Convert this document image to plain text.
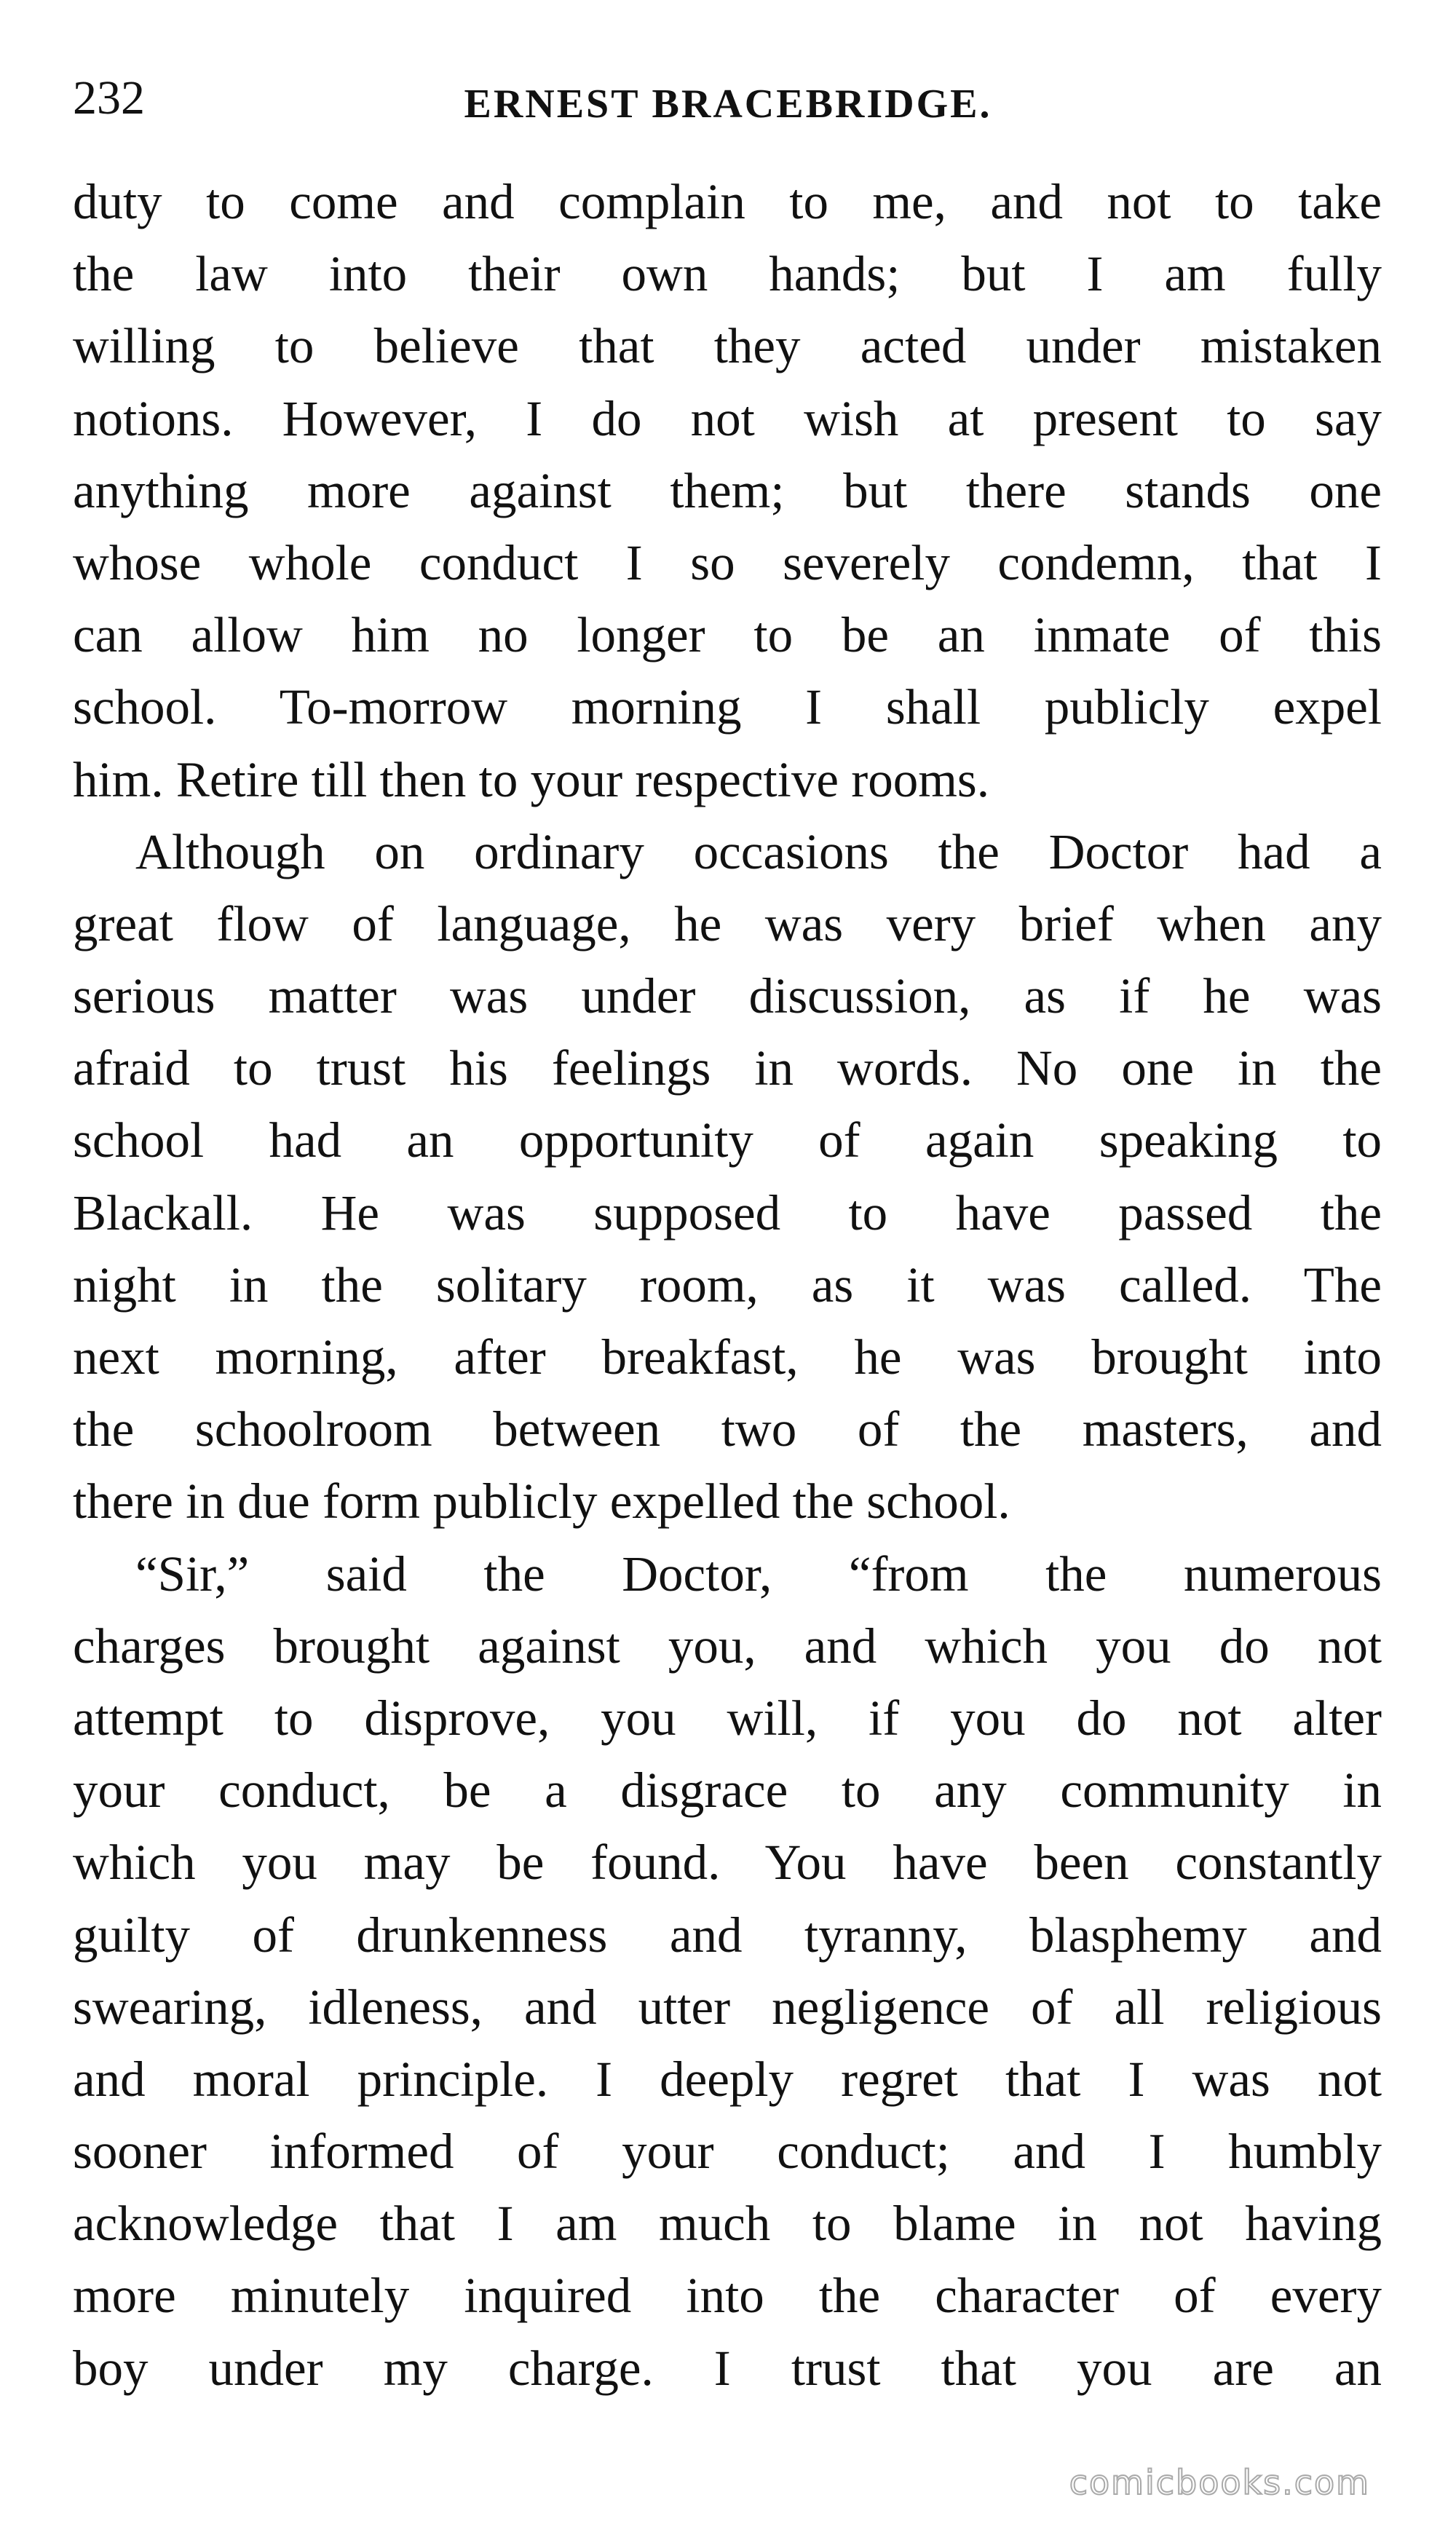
232	ERNEST BRACEBRIDGE.
duty to come and complain to me, and not to take
the law into their own hands; but I am fully
willing to believe that they acted under mistaken
notions. However, I do not wish at present to say
anything more against them; but there stands one
whose whole conduct I so severely condemn, that I
can allow him no longer to be an inmate of this
school. To-morrow morning I shall publicly expel
him. Retire till then to your respective rooms.
Although on ordinary occasions the Doctor had a
great flow of language, he was very brief when any
serious matter was under discussion, as if he was
afraid to trust his feelings in words. No one in the
school had an opportunity of again speaking to
Blackall. He was supposed to have passed the
night in the solitary room, as it was called. The
next morning, after breakfast, he was brought into
the schoolroom between two of the masters, and
there in due form publicly expelled the school.
“Sir,” said the Doctor, “from the numerous
charges brought against you, and which you do not
attempt to disprove, you will, if you do not alter
your conduct, be a disgrace to any community in
which you may be found. You have been constantly
guilty of drunkenness and tyranny, blasphemy and
swearing, idleness, and utter negligence of all religious
and moral principle. I deeply regret that I was not
sooner informed of your conduct; and I humbly
acknowledge that I am much to blame in not having
more minutely inquired into the character of every
boy under my charge. I trust that you are an
comicbooks.com
